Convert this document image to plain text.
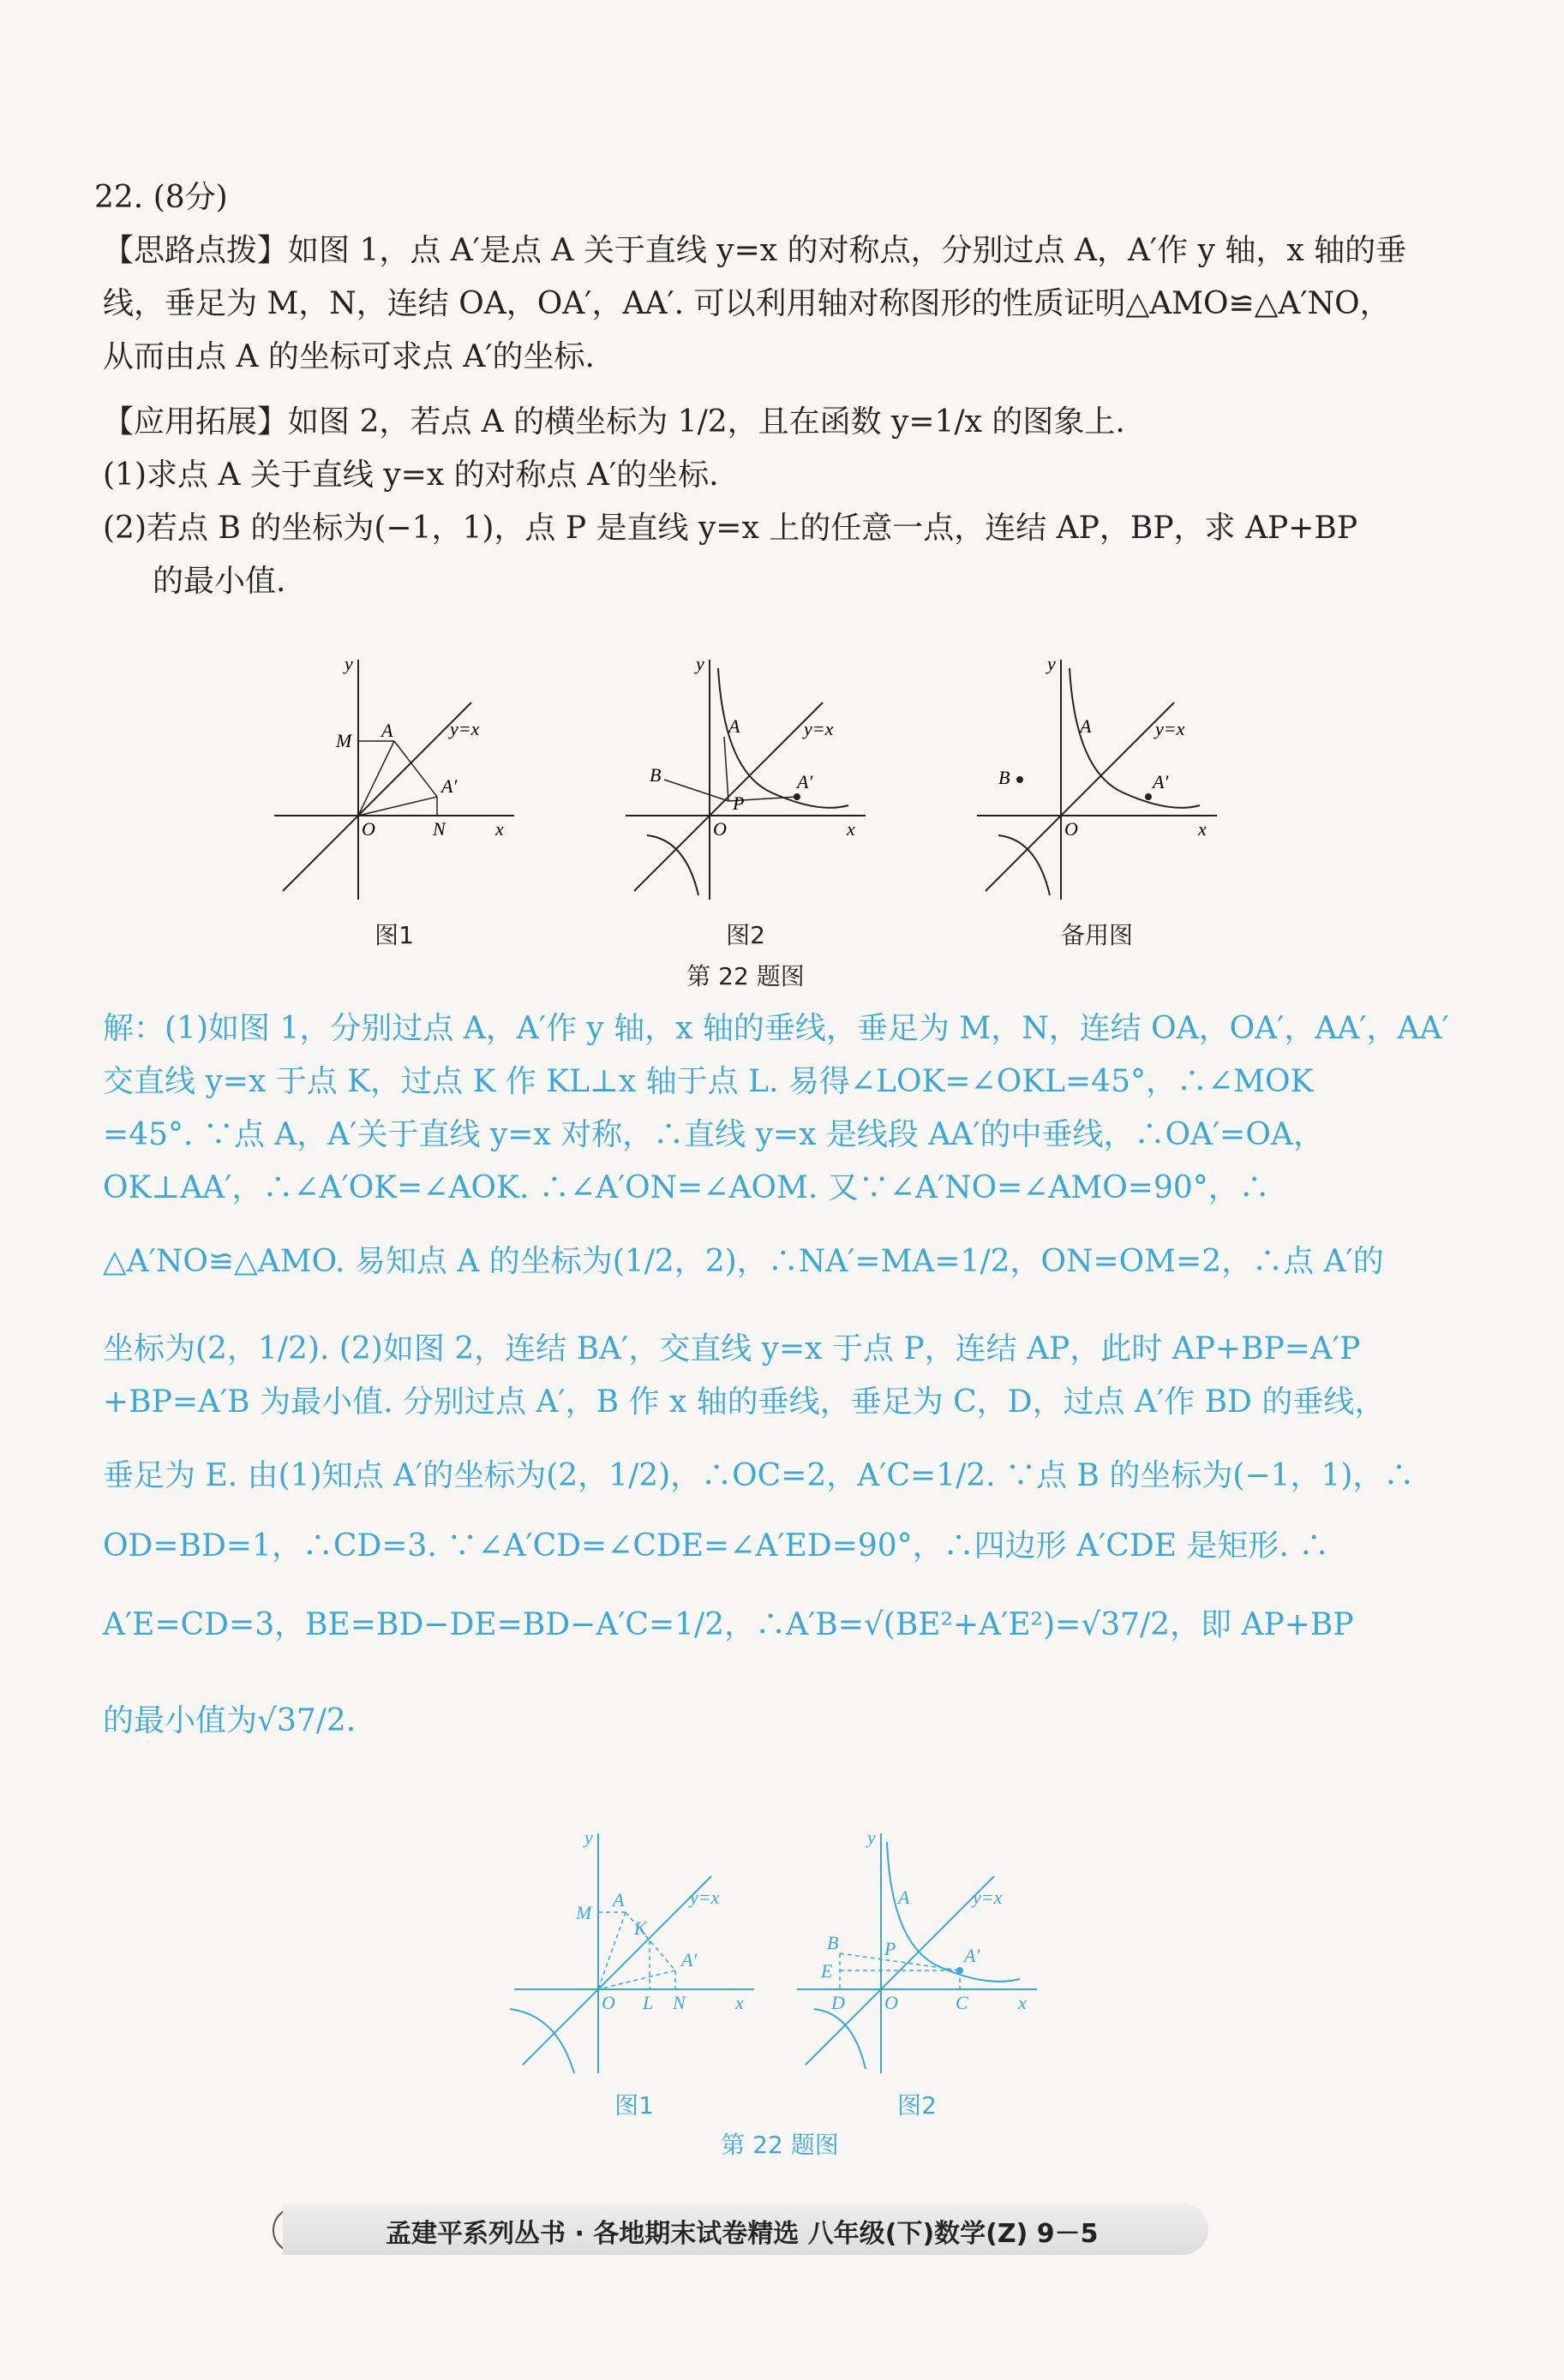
22. (8分)
【思路点拨】如图 1，点 A′是点 A 关于直线 y=x 的对称点，分别过点 A，A′作 y 轴，x 轴的垂
线，垂足为 M，N，连结 OA，OA′，AA′. 可以利用轴对称图形的性质证明△AMO≌△A′NO，
从而由点 A 的坐标可求点 A′的坐标.
【应用拓展】如图 2，若点 A 的横坐标为 1/2，且在函数 y=1/x 的图象上.
(1)求点 A 关于直线 y=x 的对称点 A′的坐标.
(2)若点 B 的坐标为(−1，1)，点 P 是直线 y=x 上的任意一点，连结 AP，BP，求 AP+BP
的最小值.
y
x
O
y=x
A
A′
M
N
y
x
O
y=x
A
A′
B
P
y
x
O
y=x
A
A′
B
图1	图2	备用图
第 22 题图
解：(1)如图 1，分别过点 A，A′作 y 轴，x 轴的垂线，垂足为 M，N，连结 OA，OA′，AA′，AA′
交直线 y=x 于点 K，过点 K 作 KL⊥x 轴于点 L. 易得∠LOK=∠OKL=45°，∴∠MOK
=45°. ∵点 A，A′关于直线 y=x 对称，∴直线 y=x 是线段 AA′的中垂线，∴OA′=OA，
OK⊥AA′，∴∠A′OK=∠AOK. ∴∠A′ON=∠AOM. 又∵∠A′NO=∠AMO=90°，∴
△A′NO≌△AMO. 易知点 A 的坐标为(1/2，2)，∴NA′=MA=1/2，ON=OM=2，∴点 A′的
坐标为(2，1/2). (2)如图 2，连结 BA′，交直线 y=x 于点 P，连结 AP，此时 AP+BP=A′P
+BP=A′B 为最小值. 分别过点 A′，B 作 x 轴的垂线，垂足为 C，D，过点 A′作 BD 的垂线，
垂足为 E. 由(1)知点 A′的坐标为(2，1/2)，∴OC=2，A′C=1/2. ∵点 B 的坐标为(−1，1)，∴
OD=BD=1，∴CD=3. ∵∠A′CD=∠CDE=∠A′ED=90°，∴四边形 A′CDE 是矩形. ∴
A′E=CD=3，BE=BD−DE=BD−A′C=1/2，∴A′B=√(BE²+A′E²)=√37/2，即 AP+BP
的最小值为√37/2.
y
x
O
y=x
A
A′
M
N
K
L
y
x
O
y=x
A
A′
B P
E
D	C
图1	图2
第 22 题图
孟建平系列丛书 · 各地期末试卷精选 八年级(下)数学(Z) 9－5
